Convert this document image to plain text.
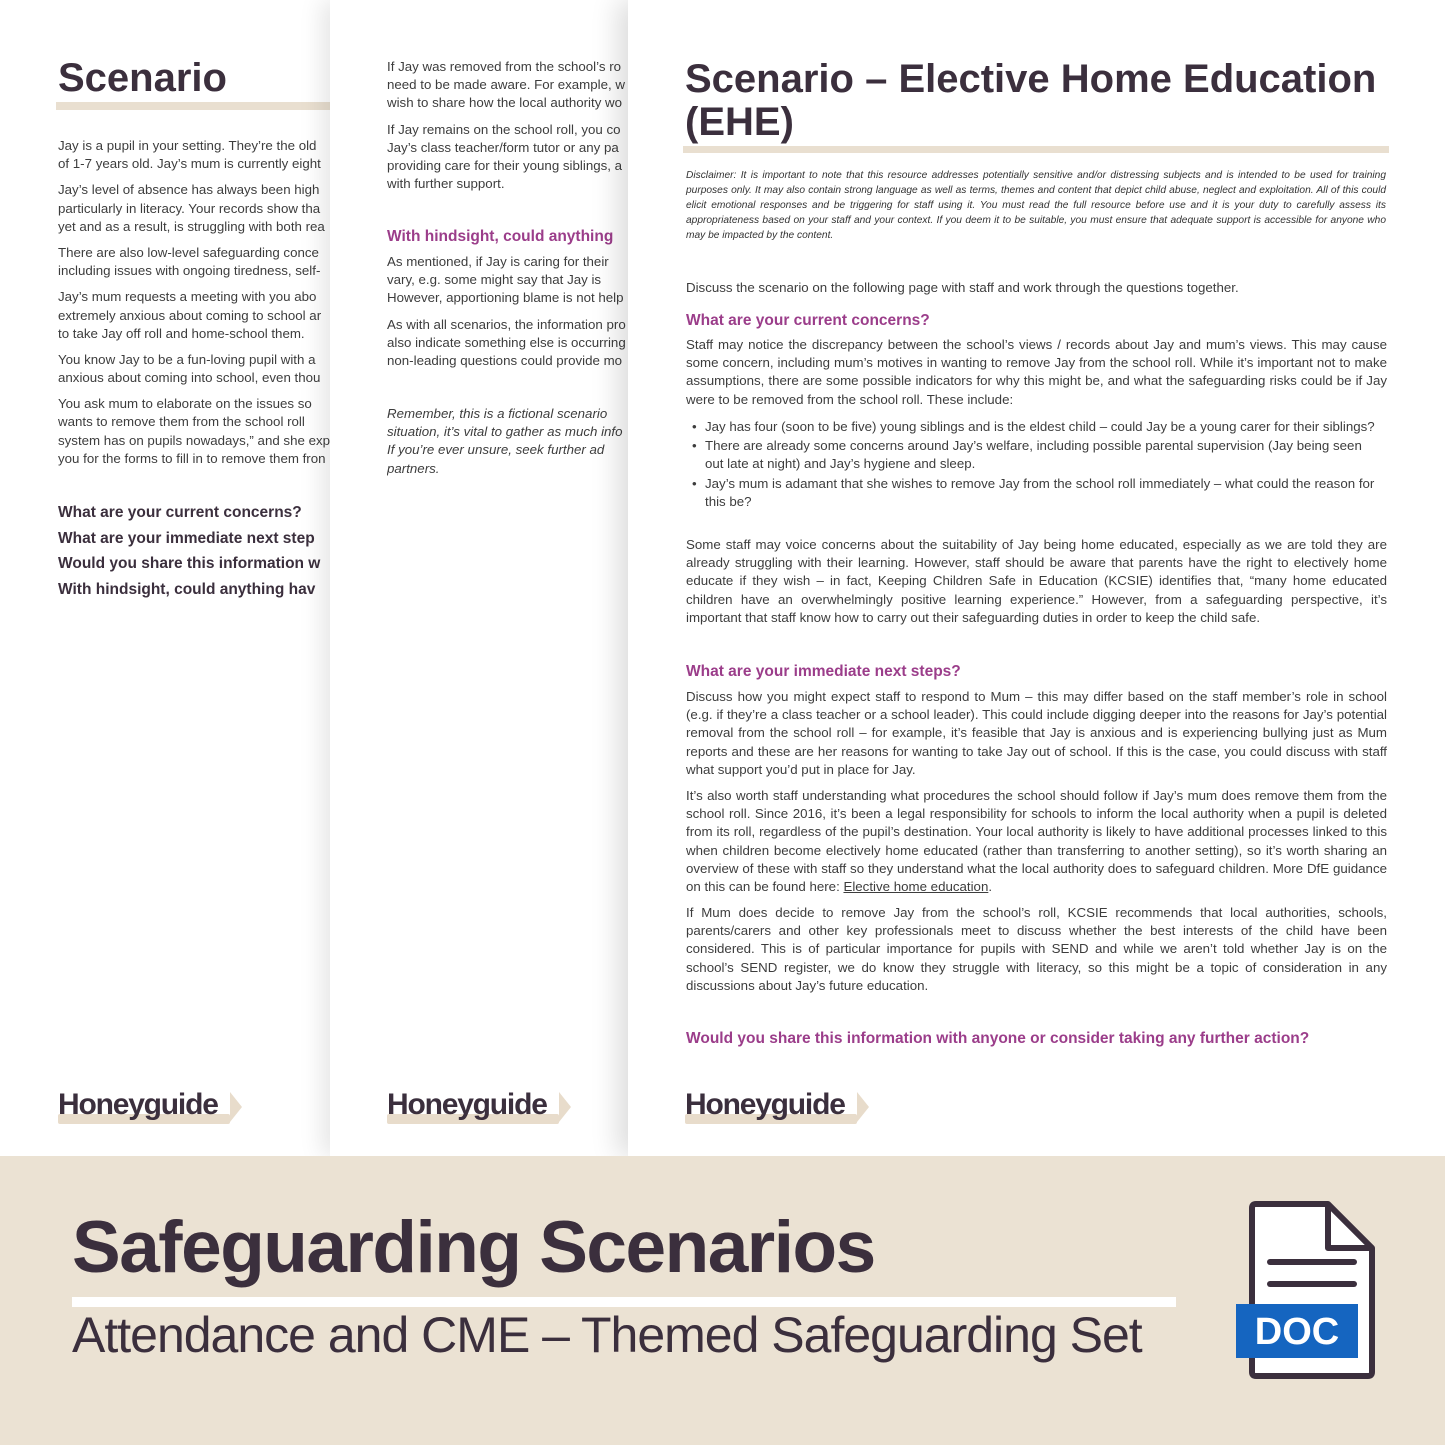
Scenario
Jay is a pupil in your setting. They’re the old
of 1-7 years old. Jay’s mum is currently eight
Jay’s level of absence has always been high
particularly in literacy. Your records show tha
yet and as a result, is struggling with both rea
There are also low-level safeguarding conce
including issues with ongoing tiredness, self-
Jay’s mum requests a meeting with you abo
extremely anxious about coming to school ar
to take Jay off roll and home-school them.
You know Jay to be a fun-loving pupil with a
anxious about coming into school, even thou
You ask mum to elaborate on the issues so
wants to remove them from the school roll
system has on pupils nowadays,” and she exp
you for the forms to fill in to remove them fron
What are your current concerns?
What are your immediate next step
Would you share this information w
With hindsight, could anything hav
Honeyguide
If Jay was removed from the school’s ro
need to be made aware. For example, w
wish to share how the local authority wo
If Jay remains on the school roll, you co
Jay’s class teacher/form tutor or any pa
providing care for their young siblings, a
with further support.
With hindsight, could anything
As mentioned, if Jay is caring for their
vary, e.g. some might say that Jay is
However, apportioning blame is not help
As with all scenarios, the information pro
also indicate something else is occurring
non-leading questions could provide mo
Remember, this is a fictional scenario
situation, it’s vital to gather as much info
If you’re ever unsure, seek further ad
partners.
Honeyguide
Scenario – Elective Home Education (EHE)
Disclaimer: It is important to note that this resource addresses potentially sensitive and/or distressing subjects and is intended to be used for training purposes only. It may also contain strong language as well as terms, themes and content that depict child abuse, neglect and exploitation. All of this could elicit emotional responses and be triggering for staff using it. You must read the full resource before use and it is your duty to carefully assess its appropriateness based on your staff and your context. If you deem it to be suitable, you must ensure that adequate support is accessible for anyone who may be impacted by the content.
Discuss the scenario on the following page with staff and work through the questions together.
What are your current concerns?
Staff may notice the discrepancy between the school’s views / records about Jay and mum’s views. This may cause some concern, including mum’s motives in wanting to remove Jay from the school roll. While it’s important not to make assumptions, there are some possible indicators for why this might be, and what the safeguarding risks could be if Jay were to be removed from the school roll. These include:
• Jay has four (soon to be five) young siblings and is the eldest child – could Jay be a young carer for their siblings?
• There are already some concerns around Jay’s welfare, including possible parental supervision (Jay being seen out late at night) and Jay’s hygiene and sleep.
• Jay’s mum is adamant that she wishes to remove Jay from the school roll immediately – what could the reason for this be?
Some staff may voice concerns about the suitability of Jay being home educated, especially as we are told they are already struggling with their learning. However, staff should be aware that parents have the right to electively home educate if they wish – in fact, Keeping Children Safe in Education (KCSIE) identifies that, “many home educated children have an overwhelmingly positive learning experience.” However, from a safeguarding perspective, it’s important that staff know how to carry out their safeguarding duties in order to keep the child safe.
What are your immediate next steps?
Discuss how you might expect staff to respond to Mum – this may differ based on the staff member’s role in school (e.g. if they’re a class teacher or a school leader). This could include digging deeper into the reasons for Jay’s potential removal from the school roll – for example, it’s feasible that Jay is anxious and is experiencing bullying just as Mum reports and these are her reasons for wanting to take Jay out of school. If this is the case, you could discuss with staff what support you’d put in place for Jay.
It’s also worth staff understanding what procedures the school should follow if Jay’s mum does remove them from the school roll. Since 2016, it’s been a legal responsibility for schools to inform the local authority when a pupil is deleted from its roll, regardless of the pupil’s destination. Your local authority is likely to have additional processes linked to this when children become electively home educated (rather than transferring to another setting), so it’s worth sharing an overview of these with staff so they understand what the local authority does to safeguard children. More DfE guidance on this can be found here: Elective home education.
If Mum does decide to remove Jay from the school’s roll, KCSIE recommends that local authorities, schools, parents/carers and other key professionals meet to discuss whether the best interests of the child have been considered. This is of particular importance for pupils with SEND and while we aren’t told whether Jay is on the school’s SEND register, we do know they struggle with literacy, so this might be a topic of consideration in any discussions about Jay’s future education.
Would you share this information with anyone or consider taking any further action?
Honeyguide
Safeguarding Scenarios
Attendance and CME – Themed Safeguarding Set	DOC
